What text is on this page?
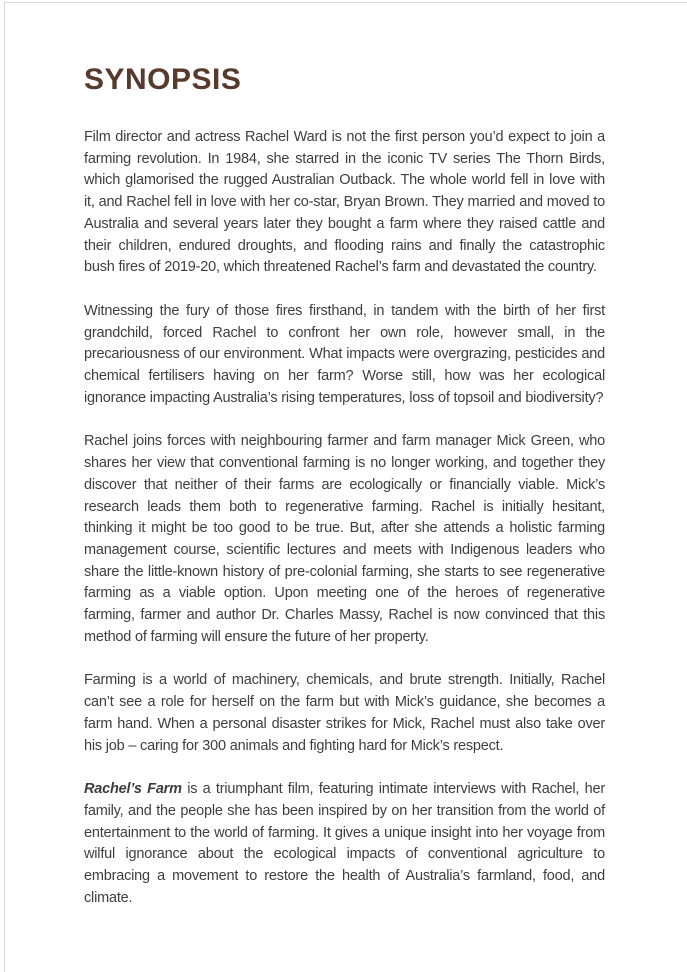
SYNOPSIS

Film director and actress Rachel Ward is not the first person you’d expect to join a farming revolution. In 1984, she starred in the iconic TV series The Thorn Birds, which glamorised the rugged Australian Outback. The whole world fell in love with it, and Rachel fell in love with her co-star, Bryan Brown. They married and moved to Australia and several years later they bought a farm where they raised cattle and their children, endured droughts, and flooding rains and finally the catastrophic bush fires of 2019-20, which threatened Rachel’s farm and devastated the country.

Witnessing the fury of those fires firsthand, in tandem with the birth of her first grandchild, forced Rachel to confront her own role, however small, in the precariousness of our environment. What impacts were overgrazing, pesticides and chemical fertilisers having on her farm? Worse still, how was her ecological ignorance impacting Australia’s rising temperatures, loss of topsoil and biodiversity?

Rachel joins forces with neighbouring farmer and farm manager Mick Green, who shares her view that conventional farming is no longer working, and together they discover that neither of their farms are ecologically or financially viable. Mick’s research leads them both to regenerative farming. Rachel is initially hesitant, thinking it might be too good to be true. But, after she attends a holistic farming management course, scientific lectures and meets with Indigenous leaders who share the little-known history of pre-colonial farming, she starts to see regenerative farming as a viable option. Upon meeting one of the heroes of regenerative farming, farmer and author Dr. Charles Massy, Rachel is now convinced that this method of farming will ensure the future of her property.

Farming is a world of machinery, chemicals, and brute strength. Initially, Rachel can’t see a role for herself on the farm but with Mick’s guidance, she becomes a farm hand. When a personal disaster strikes for Mick, Rachel must also take over his job – caring for 300 animals and fighting hard for Mick’s respect.

Rachel’s Farm is a triumphant film, featuring intimate interviews with Rachel, her family, and the people she has been inspired by on her transition from the world of entertainment to the world of farming. It gives a unique insight into her voyage from wilful ignorance about the ecological impacts of conventional agriculture to embracing a movement to restore the health of Australia’s farmland, food, and climate.
